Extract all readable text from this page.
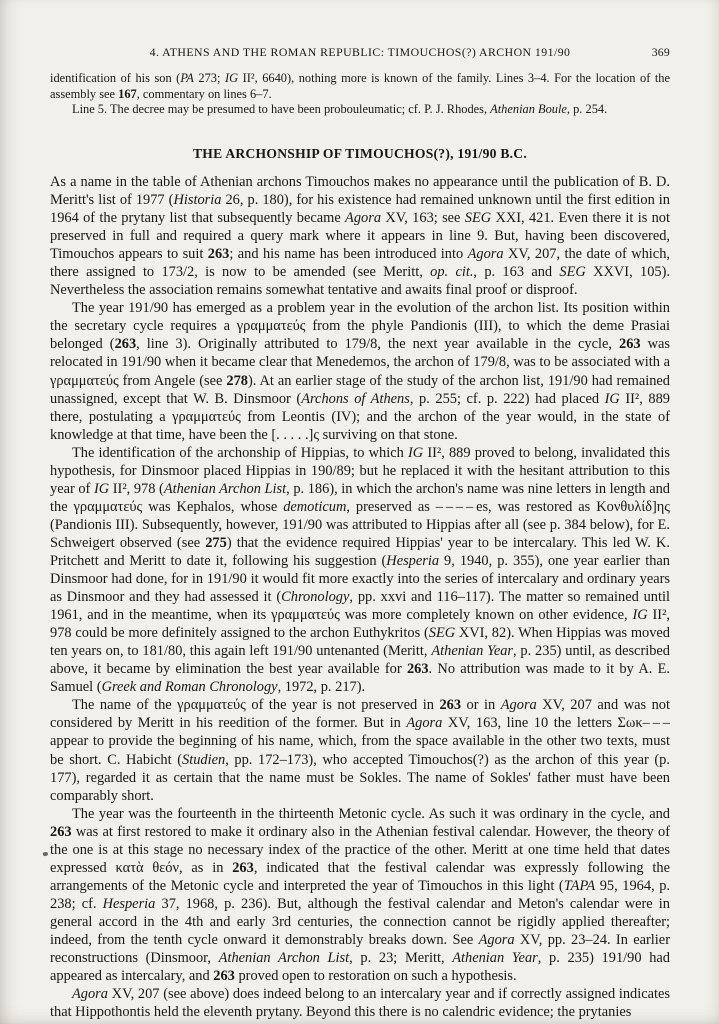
4. ATHENS AND THE ROMAN REPUBLIC: TIMOUCHOS(?) ARCHON 191/90	369

identification of his son (PA 273; IG II², 6640), nothing more is known of the family. Lines 3–4. For the location of the assembly see 167, commentary on lines 6–7.

Line 5. The decree may be presumed to have been probouleumatic; cf. P. J. Rhodes, Athenian Boule, p. 254.

THE ARCHONSHIP OF TIMOUCHOS(?), 191/90 B.C.

As a name in the table of Athenian archons Timouchos makes no appearance until the publication of B. D. Meritt's list of 1977 (Historia 26, p. 180), for his existence had remained unknown until the first edition in 1964 of the prytany list that subsequently became Agora XV, 163; see SEG XXI, 421. Even there it is not preserved in full and required a query mark where it appears in line 9. But, having been discovered, Timouchos appears to suit 263; and his name has been introduced into Agora XV, 207, the date of which, there assigned to 173/2, is now to be amended (see Meritt, op. cit., p. 163 and SEG XXVI, 105). Nevertheless the association remains somewhat tentative and awaits final proof or disproof.

The year 191/90 has emerged as a problem year in the evolution of the archon list. Its position within the secretary cycle requires a γραμματεύς from the phyle Pandionis (III), to which the deme Prasiai belonged (263, line 3). Originally attributed to 179/8, the next year available in the cycle, 263 was relocated in 191/90 when it became clear that Menedemos, the archon of 179/8, was to be associated with a γραμματεύς from Angele (see 278). At an earlier stage of the study of the archon list, 191/90 had remained unassigned, except that W. B. Dinsmoor (Archons of Athens, p. 255; cf. p. 222) had placed IG II², 889 there, postulating a γραμματεύς from Leontis (IV); and the archon of the year would, in the state of knowledge at that time, have been the [. . . . .]ς surviving on that stone.

The identification of the archonship of Hippias, to which IG II², 889 proved to belong, invalidated this hypothesis, for Dinsmoor placed Hippias in 190/89; but he replaced it with the hesitant attribution to this year of IG II², 978 (Athenian Archon List, p. 186), in which the archon's name was nine letters in length and the γραμματεύς was Kephalos, whose demoticum, preserved as – – – – es, was restored as Κονθυλίδ]ης (Pandionis III). Subsequently, however, 191/90 was attributed to Hippias after all (see p. 384 below), for E. Schweigert observed (see 275) that the evidence required Hippias' year to be intercalary. This led W. K. Pritchett and Meritt to date it, following his suggestion (Hesperia 9, 1940, p. 355), one year earlier than Dinsmoor had done, for in 191/90 it would fit more exactly into the series of intercalary and ordinary years as Dinsmoor and they had assessed it (Chronology, pp. xxvi and 116–117). The matter so remained until 1961, and in the meantime, when its γραμματεύς was more completely known on other evidence, IG II², 978 could be more definitely assigned to the archon Euthykritos (SEG XVI, 82). When Hippias was moved ten years on, to 181/80, this again left 191/90 untenanted (Meritt, Athenian Year, p. 235) until, as described above, it became by elimination the best year available for 263. No attribution was made to it by A. E. Samuel (Greek and Roman Chronology, 1972, p. 217).

The name of the γραμματεύς of the year is not preserved in 263 or in Agora XV, 207 and was not considered by Meritt in his reedition of the former. But in Agora XV, 163, line 10 the letters Σωκ– – – appear to provide the beginning of his name, which, from the space available in the other two texts, must be short. C. Habicht (Studien, pp. 172–173), who accepted Timouchos(?) as the archon of this year (p. 177), regarded it as certain that the name must be Sokles. The name of Sokles' father must have been comparably short.

The year was the fourteenth in the thirteenth Metonic cycle. As such it was ordinary in the cycle, and 263 was at first restored to make it ordinary also in the Athenian festival calendar. However, the theory of the one is at this stage no necessary index of the practice of the other. Meritt at one time held that dates expressed κατὰ θεόν, as in 263, indicated that the festival calendar was expressly following the arrangements of the Metonic cycle and interpreted the year of Timouchos in this light (TAPA 95, 1964, p. 238; cf. Hesperia 37, 1968, p. 236). But, although the festival calendar and Meton's calendar were in general accord in the 4th and early 3rd centuries, the connection cannot be rigidly applied thereafter; indeed, from the tenth cycle onward it demonstrably breaks down. See Agora XV, pp. 23–24. In earlier reconstructions (Dinsmoor, Athenian Archon List, p. 23; Meritt, Athenian Year, p. 235) 191/90 had appeared as intercalary, and 263 proved open to restoration on such a hypothesis.

Agora XV, 207 (see above) does indeed belong to an intercalary year and if correctly assigned indicates that Hippothontis held the eleventh prytany. Beyond this there is no calendric evidence; the prytanies
